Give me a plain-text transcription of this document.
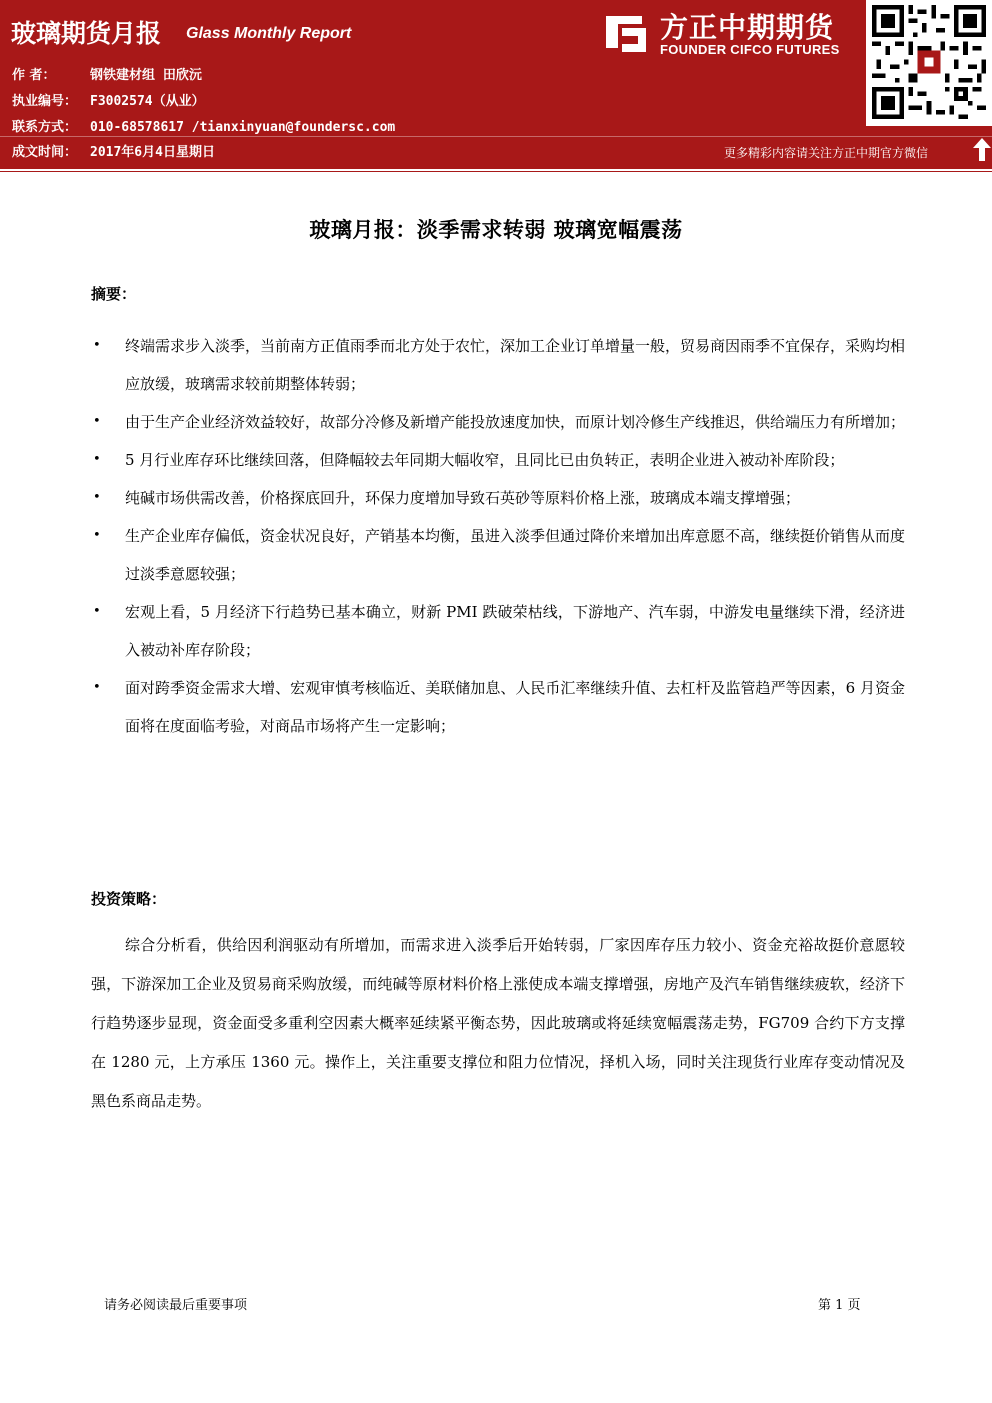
玻璃期货月报 Glass Monthly Report
作 者：	钢铁建材组 田欣沅
执业编号： F3002574（从业）
联系方式： 010-68578617 /tianxinyuan@foundersc.com
成文时间： 2017年6月4日星期日
方正中期期货
FOUNDER CIFCO FUTURES
更多精彩内容请关注方正中期官方微信
玻璃月报：淡季需求转弱 玻璃宽幅震荡
摘要：
• 终端需求步入淡季，当前南方正值雨季而北方处于农忙，深加工企业订单增量一般，贸易商因雨季不宜保存，采购均相应放缓，玻璃需求较前期整体转弱；
• 由于生产企业经济效益较好，故部分冷修及新增产能投放速度加快，而原计划冷修生产线推迟，供给端压力有所增加；
• 5 月行业库存环比继续回落，但降幅较去年同期大幅收窄，且同比已由负转正，表明企业进入被动补库阶段；
• 纯碱市场供需改善，价格探底回升，环保力度增加导致石英砂等原料价格上涨，玻璃成本端支撑增强；
• 生产企业库存偏低，资金状况良好，产销基本均衡，虽进入淡季但通过降价来增加出库意愿不高，继续挺价销售从而度过淡季意愿较强；
• 宏观上看，5 月经济下行趋势已基本确立，财新 PMI 跌破荣枯线，下游地产、汽车弱，中游发电量继续下滑，经济进入被动补库存阶段；
• 面对跨季资金需求大增、宏观审慎考核临近、美联储加息、人民币汇率继续升值、去杠杆及监管趋严等因素，6 月资金面将在度面临考验，对商品市场将产生一定影响；
投资策略：

综合分析看，供给因利润驱动有所增加，而需求进入淡季后开始转弱，厂家因库存压力较小、资金充裕故挺价意愿较强，下游深加工企业及贸易商采购放缓，而纯碱等原材料价格上涨使成本端支撑增强，房地产及汽车销售继续疲软，经济下行趋势逐步显现，资金面受多重利空因素大概率延续紧平衡态势，因此玻璃或将延续宽幅震荡走势，FG709 合约下方支撑在 1280 元，上方承压 1360 元。操作上，关注重要支撑位和阻力位情况，择机入场，同时关注现货行业库存变动情况及黑色系商品走势。

请务必阅读最后重要事项	第 1 页
